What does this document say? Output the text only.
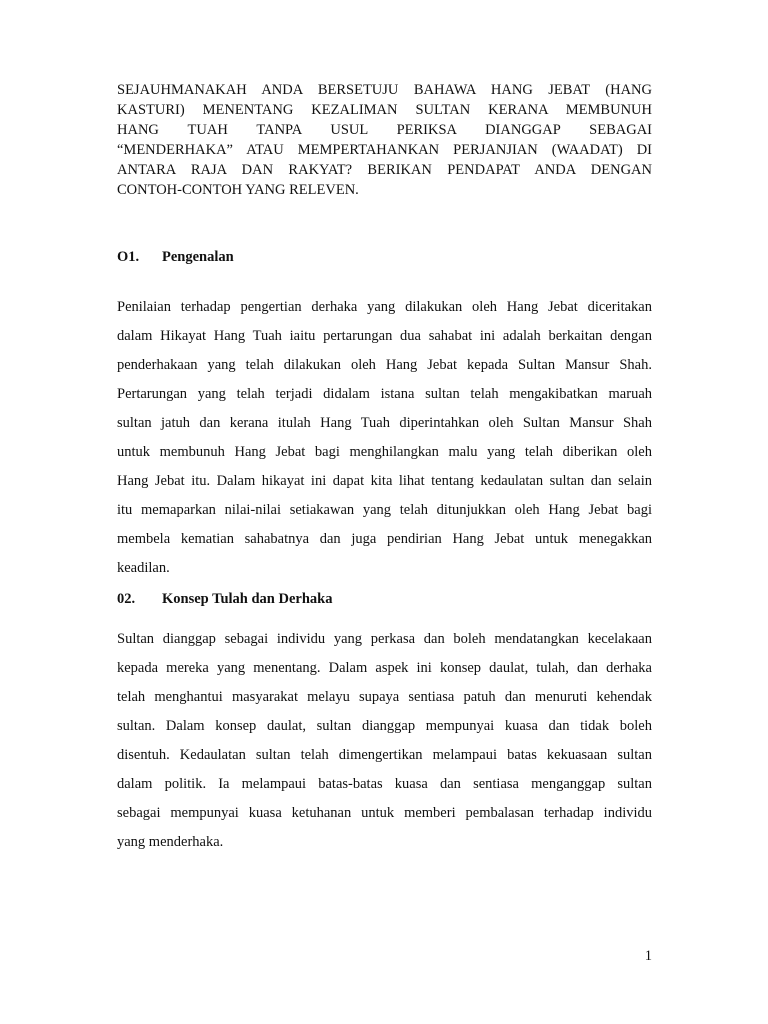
SEJAUHMANAKAH ANDA BERSETUJU BAHAWA HANG JEBAT (HANG
KASTURI) MENENTANG KEZALIMAN SULTAN KERANA MEMBUNUH
HANG TUAH TANPA USUL PERIKSA DIANGGAP SEBAGAI
“MENDERHAKA” ATAU MEMPERTAHANKAN PERJANJIAN (WAADAT) DI
ANTARA RAJA DAN RAKYAT? BERIKAN PENDAPAT ANDA DENGAN
CONTOH-CONTOH YANG RELEVEN.
O1. Pengenalan
Penilaian terhadap pengertian derhaka yang dilakukan oleh Hang Jebat diceritakan
dalam Hikayat Hang Tuah iaitu pertarungan dua sahabat ini adalah berkaitan dengan
penderhakaan yang telah dilakukan oleh Hang Jebat kepada Sultan Mansur Shah.
Pertarungan yang telah terjadi didalam istana sultan telah mengakibatkan maruah
sultan jatuh dan kerana itulah Hang Tuah diperintahkan oleh Sultan Mansur Shah
untuk membunuh Hang Jebat bagi menghilangkan malu yang telah diberikan oleh
Hang Jebat itu. Dalam hikayat ini dapat kita lihat tentang kedaulatan sultan dan selain
itu memaparkan nilai-nilai setiakawan yang telah ditunjukkan oleh Hang Jebat bagi
membela kematian sahabatnya dan juga pendirian Hang Jebat untuk menegakkan
keadilan.
02. Konsep Tulah dan Derhaka
Sultan dianggap sebagai individu yang perkasa dan boleh mendatangkan kecelakaan
kepada mereka yang menentang. Dalam aspek ini konsep daulat, tulah, dan derhaka
telah menghantui masyarakat melayu supaya sentiasa patuh dan menuruti kehendak
sultan. Dalam konsep daulat, sultan dianggap mempunyai kuasa dan tidak boleh
disentuh. Kedaulatan sultan telah dimengertikan melampaui batas kekuasaan sultan
dalam politik. Ia melampaui batas-batas kuasa dan sentiasa menganggap sultan
sebagai mempunyai kuasa ketuhanan untuk memberi pembalasan terhadap individu
yang menderhaka.
1
